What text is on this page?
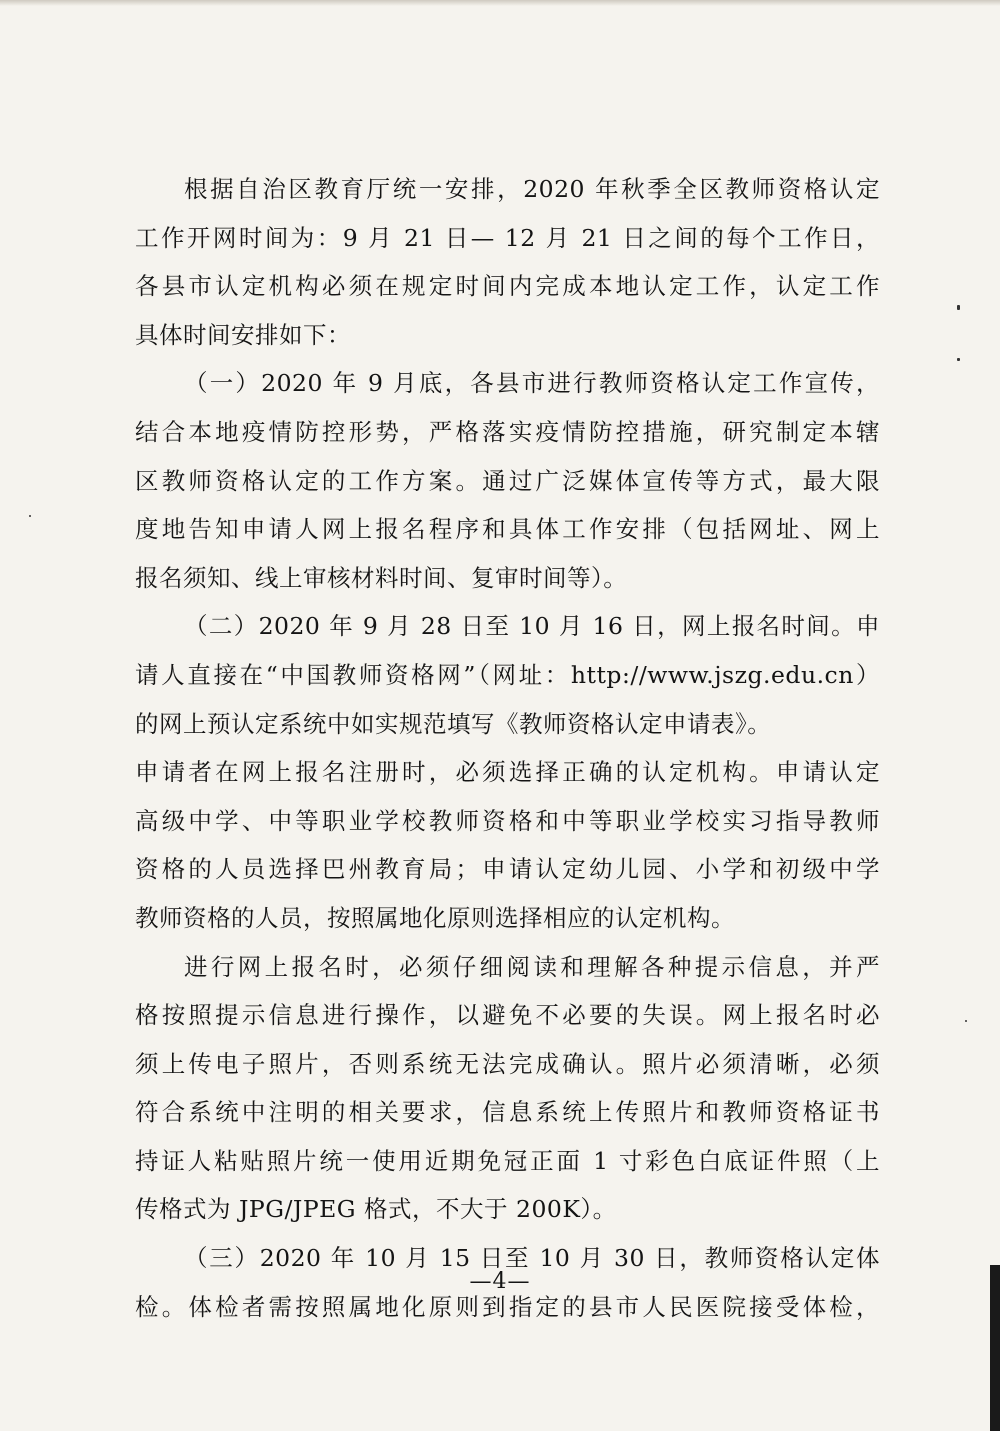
根据自治区教育厅统一安排，2020 年秋季全区教师资格认定
工作开网时间为：9 月 21 日— 12 月 21 日之间的每个工作日，
各县市认定机构必须在规定时间内完成本地认定工作，认定工作
具体时间安排如下：
（一）2020 年 9 月底，各县市进行教师资格认定工作宣传，
结合本地疫情防控形势，严格落实疫情防控措施，研究制定本辖
区教师资格认定的工作方案。通过广泛媒体宣传等方式，最大限
度地告知申请人网上报名程序和具体工作安排（包括网址、网上
报名须知、线上审核材料时间、复审时间等）。
（二）2020 年 9 月 28 日至 10 月 16 日，网上报名时间。申
请人直接在“中国教师资格网”（网址：http://www.jszg.edu.cn）
的网上预认定系统中如实规范填写《教师资格认定申请表》。
申请者在网上报名注册时，必须选择正确的认定机构。申请认定
高级中学、中等职业学校教师资格和中等职业学校实习指导教师
资格的人员选择巴州教育局；申请认定幼儿园、小学和初级中学
教师资格的人员，按照属地化原则选择相应的认定机构。
进行网上报名时，必须仔细阅读和理解各种提示信息，并严
格按照提示信息进行操作，以避免不必要的失误。网上报名时必
须上传电子照片，否则系统无法完成确认。照片必须清晰，必须
符合系统中注明的相关要求，信息系统上传照片和教师资格证书
持证人粘贴照片统一使用近期免冠正面 1 寸彩色白底证件照（上
传格式为 JPG/JPEG 格式，不大于 200K）。
（三）2020 年 10 月 15 日至 10 月 30 日，教师资格认定体
检。体检者需按照属地化原则到指定的县市人民医院接受体检，
—4—
